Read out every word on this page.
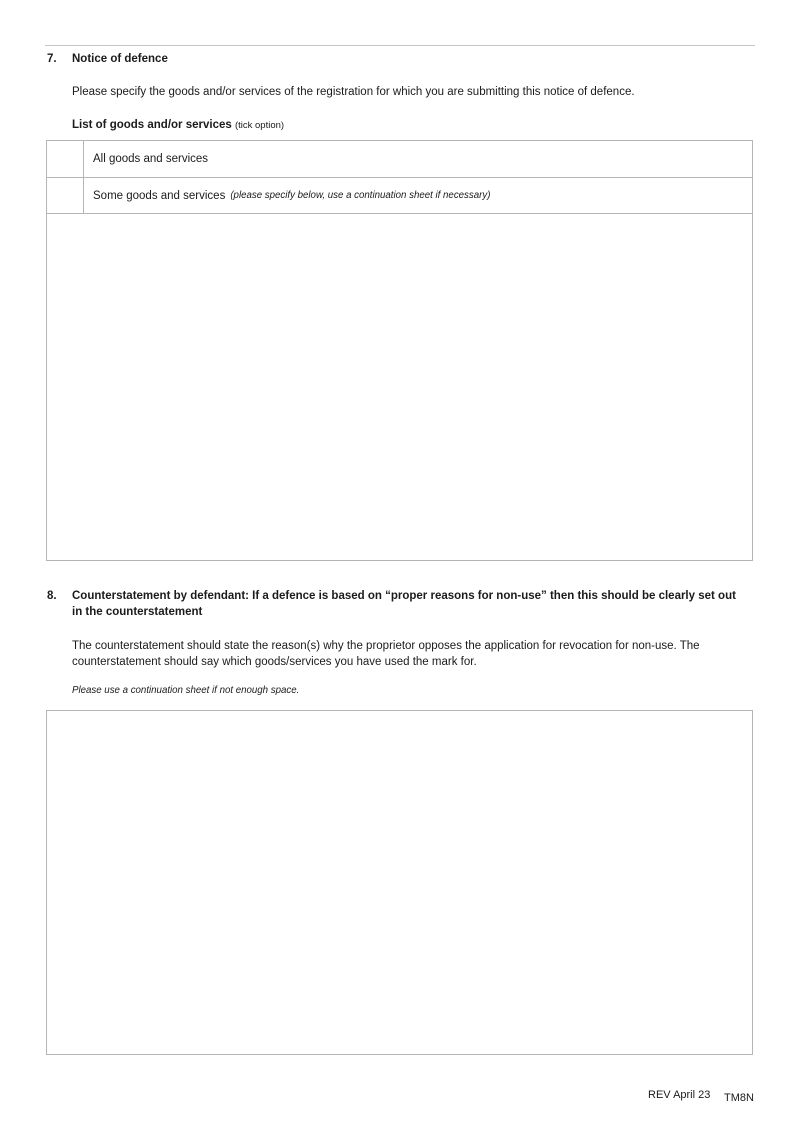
7.	Notice of defence
Please specify the goods and/or services of the registration for which you are submitting this notice of defence.
List of goods and/or services (tick option)
All goods and services
Some goods and services (please specify below, use a continuation sheet if necessary)
8.	Counterstatement by defendant: If a defence is based on “proper reasons for non-use” then this should be clearly set out in the counterstatement
The counterstatement should state the reason(s) why the proprietor opposes the application for revocation for non-use. The counterstatement should say which goods/services you have used the mark for.
Please use a continuation sheet if not enough space.
REV April 23 TM8N
